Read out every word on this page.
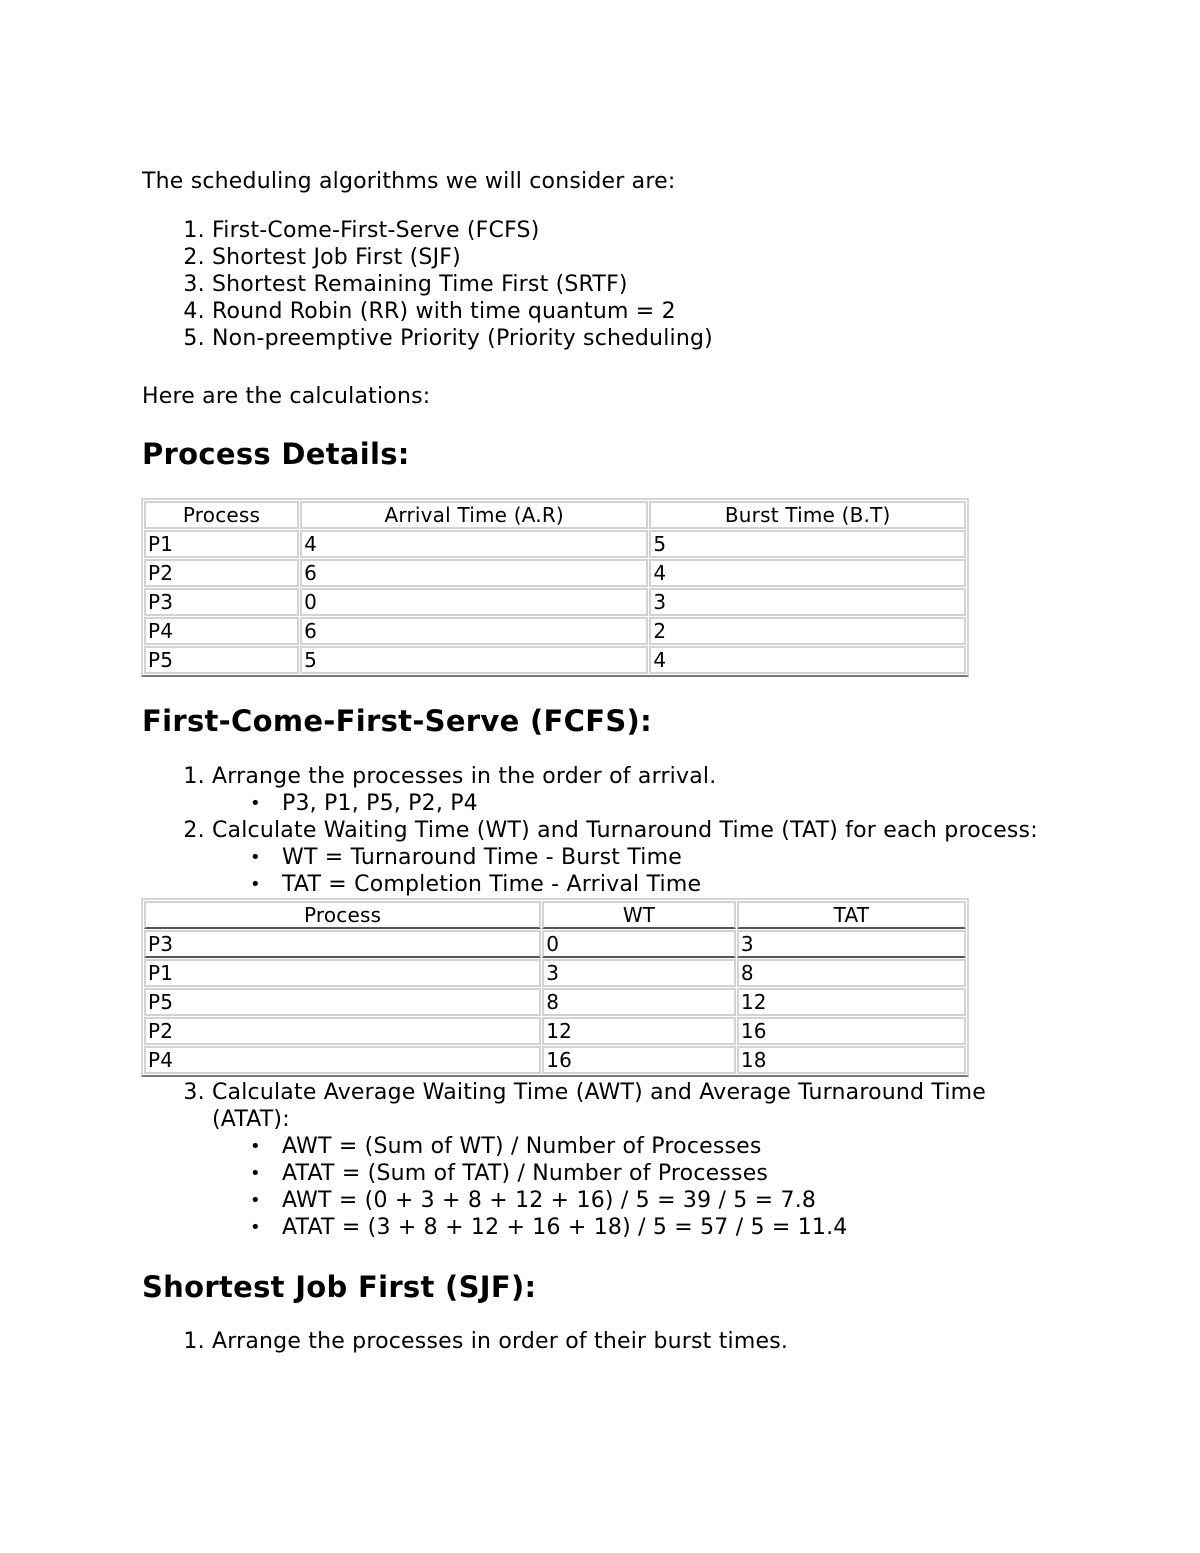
The scheduling algorithms we will consider are:

1. First-Come-First-Serve (FCFS)
2. Shortest Job First (SJF)
3. Shortest Remaining Time First (SRTF)
4. Round Robin (RR) with time quantum = 2
5. Non-preemptive Priority (Priority scheduling)

Here are the calculations:

Process Details:
Process	Arrival Time (A.R)	Burst Time (B.T)
P1	4	5
P2	6	4
P3	0	3
P4	6	2
P5	5	4
First-Come-First-Serve (FCFS):
1. Arrange the processes in the order of arrival.
• P3, P1, P5, P2, P4
2. Calculate Waiting Time (WT) and Turnaround Time (TAT) for each process:
• WT = Turnaround Time - Burst Time
• TAT = Completion Time - Arrival Time
Process	WT	TAT
P3	0	3
P1	3	8
P5	8	12
P2	12	16
P4	16	18
3. Calculate Average Waiting Time (AWT) and Average Turnaround Time (ATAT):
• AWT = (Sum of WT) / Number of Processes
• ATAT = (Sum of TAT) / Number of Processes
• AWT = (0 + 3 + 8 + 12 + 16) / 5 = 39 / 5 = 7.8
• ATAT = (3 + 8 + 12 + 16 + 18) / 5 = 57 / 5 = 11.4
Shortest Job First (SJF):
1. Arrange the processes in order of their burst times.
